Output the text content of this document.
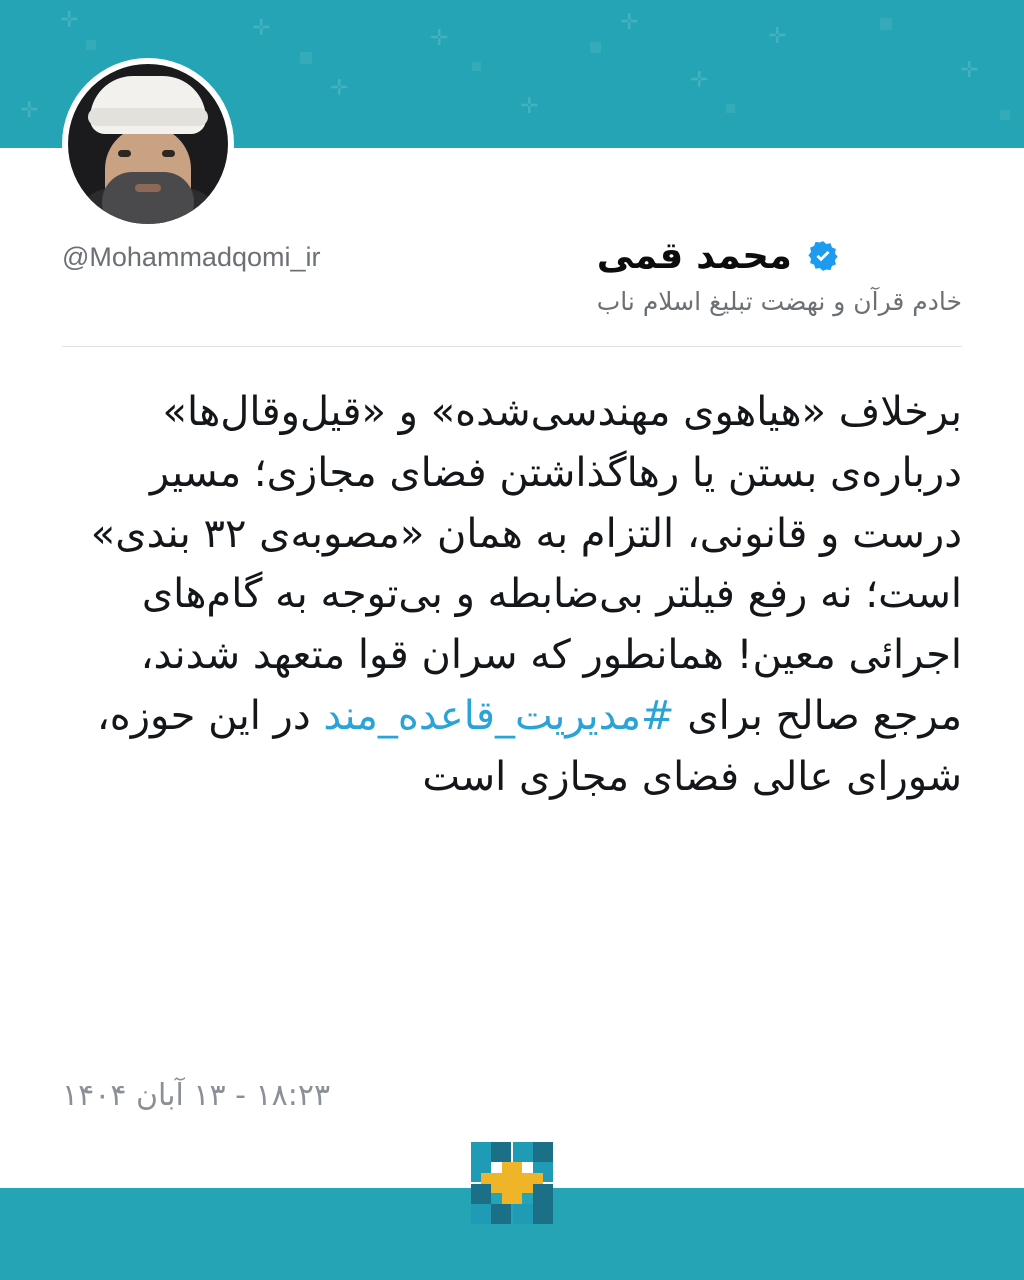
✛	✛
✛
✛
✛
✛
✛
✛
✛
✛
محمد قمی
خادم قرآن و نهضت تبلیغ اسلام ناب
@Mohammadqomi_ir
برخلاف «هیاهوی مهندسی‌شده» و «قیل‌وقال‌ها» درباره‌ی بستن یا رهاگذاشتن فضای مجازی؛ مسیر درست و قانونی، التزام به همان «مصوبه‌ی ۳۲ بندی» است؛ نه رفع فیلتر بی‌ضابطه و بی‌توجه به گام‌های اجرائی معین! همانطور که سران قوا متعهد شدند، مرجع صالح برای #مدیریت_قاعده_مند در این حوزه، شورای عالی فضای مجازی است
۱۸:۲۳ - ۱۳ آبان ۱۴۰۴
